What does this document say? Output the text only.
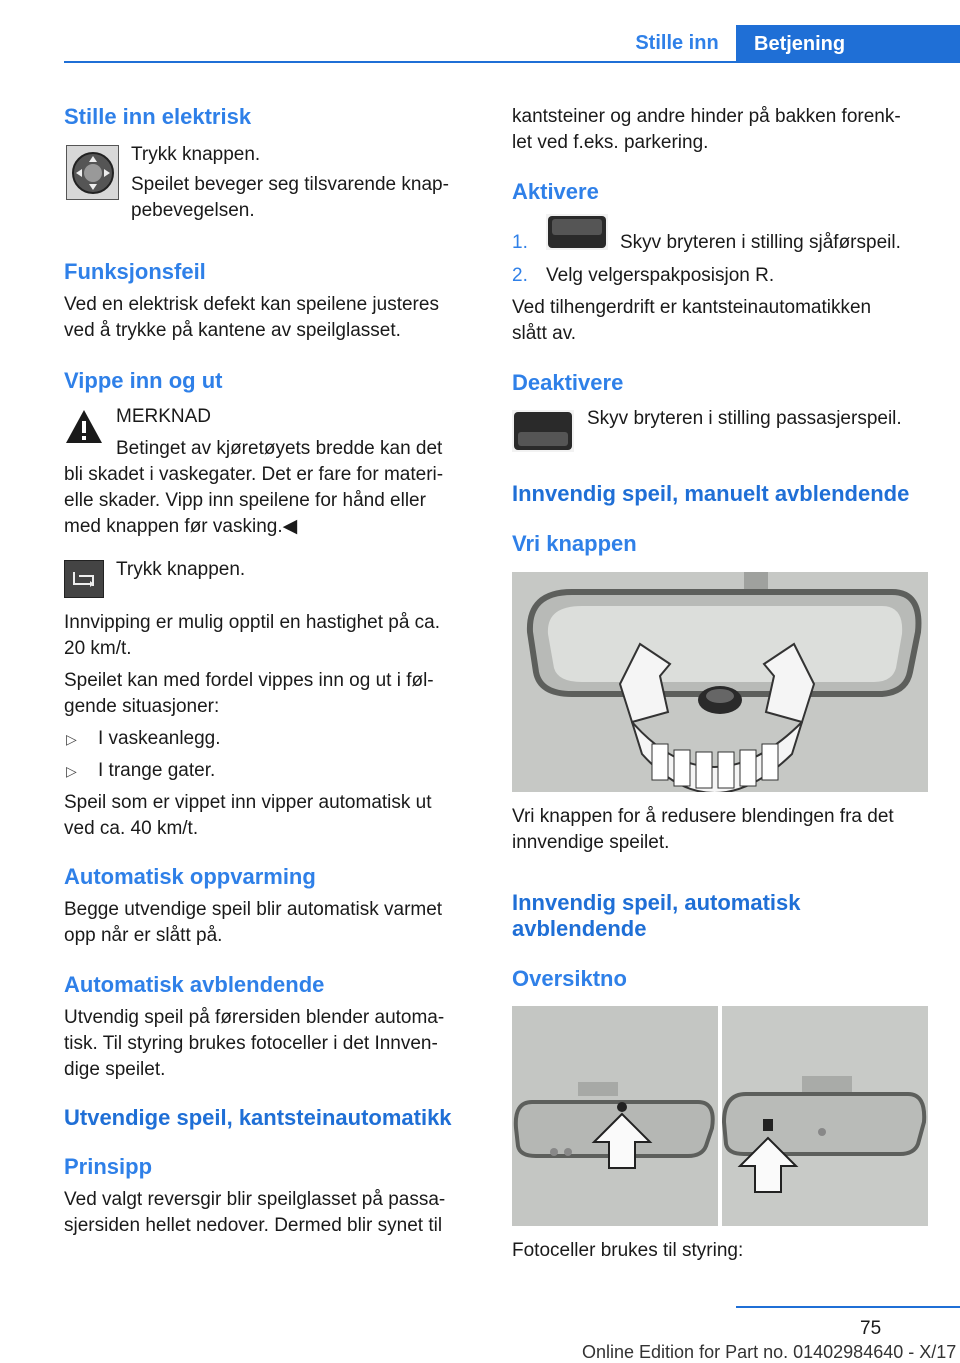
Stille inn	Betjening
Stille inn elektrisk

Trykk knappen.

Speilet beveger seg tilsvarende knap‐

pebevegelsen.

Funksjonsfeil

Ved en elektrisk defekt kan speilene justeres

ved å trykke på kantene av speilglasset.

Vippe inn og ut

MERKNAD

Betinget av kjøretøyets bredde kan det

bli skadet i vaskegater. Det er fare for materi‐

elle skader. Vipp inn speilene for hånd eller

med knappen før vasking.◀

Trykk knappen.

Innvipping er mulig opptil en hastighet på ca.

20 km/t.

Speilet kan med fordel vippes inn og ut i føl‐

gende situasjoner:

▷ I vaskeanlegg.

▷ I trange gater.

Speil som er vippet inn vipper automatisk ut

ved ca. 40 km/t.

Automatisk oppvarming

Begge utvendige speil blir automatisk varmet

opp når er slått på.

Automatisk avblendende

Utvendig speil på førersiden blender automa‐

tisk. Til styring brukes fotoceller i det Innven‐

dige speilet.

Utvendige speil, kantsteinautomatikk
Prinsipp

Ved valgt reversgir blir speilglasset på passa‐

sjersiden hellet nedover. Dermed blir synet til

kantsteiner og andre hinder på bakken forenk‐

let ved f.eks. parkering.

Aktivere
1.	Skyv bryteren i stilling sjåførspeil.

2. Velg velgerspakposisjon R.

Ved tilhengerdrift er kantsteinautomatikken

slått av.

Deaktivere

Skyv bryteren i stilling passasjerspeil.

Innvendig speil, manuelt avblendende
Vri knappen

Vri knappen for å redusere blendingen fra det

innvendige speilet.

Innvendig speil, automatisk
avblendende
Oversiktno

Fotoceller brukes til styring:

75
Online Edition for Part no. 01402984640 - X/17
